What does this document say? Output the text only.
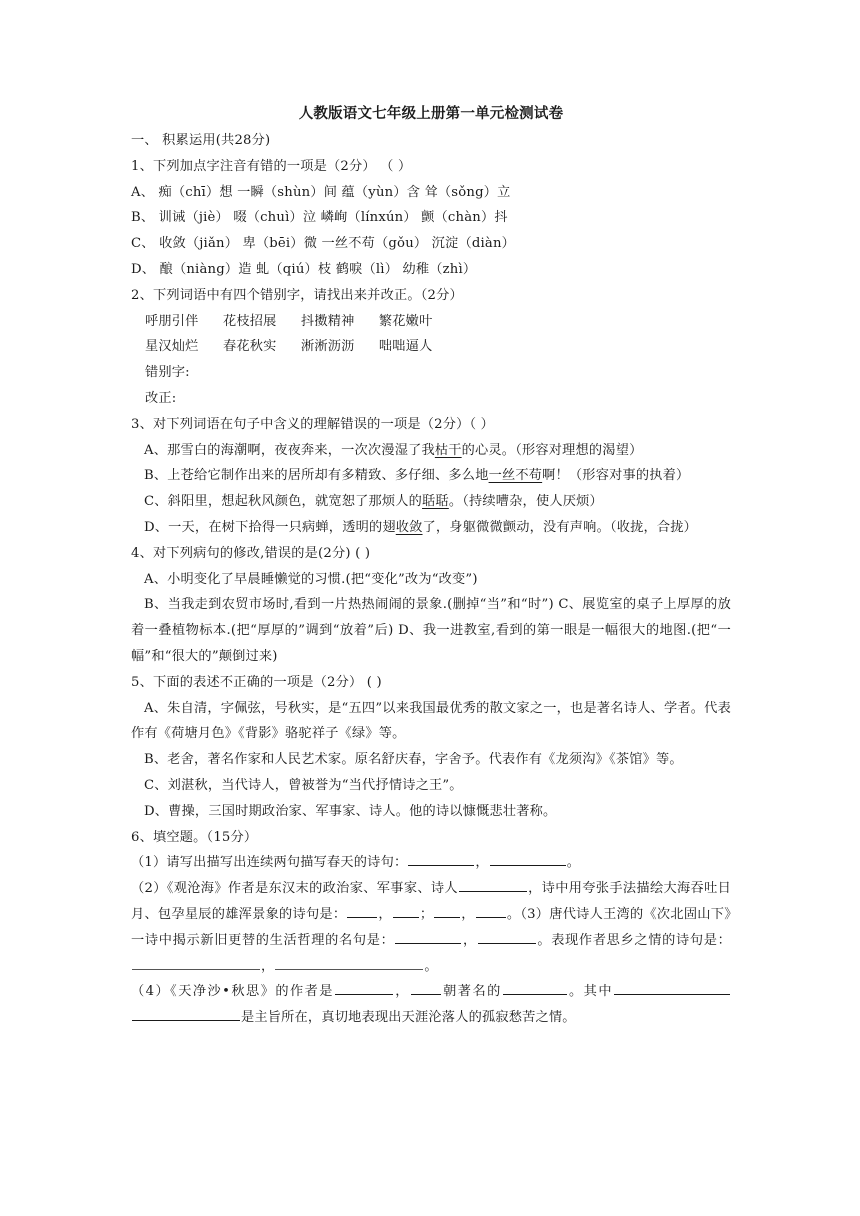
人教版语文七年级上册第一单元检测试卷
一、 积累运用(共28分)
1、下列加点字注音有错的一项是（2分） （ ）
A、 痴（chī）想 一瞬（shùn）间 蕴（yùn）含 耸（sǒng）立
B、 训诫（jiè） 啜（chuì）泣 嶙峋（línxún） 颤（chàn）抖
C、 收敛（jiǎn） 卑（bēi）微 一丝不苟（gǒu） 沉淀（diàn）
D、 酿（niàng）造 虬（qiú）枝 鹤唳（lì） 幼稚（zhì）
2、下列词语中有四个错别字，请找出来并改正。（2分）
呼朋引伴 花枝招展 抖擞精神 繁花嫩叶
星汉灿烂 春花秋实 淅淅沥沥 咄咄逼人
错别字:
改正:
3、对下列词语在句子中含义的理解错误的一项是（2分）（ ）
A、那雪白的海潮啊，夜夜奔来，一次次漫湿了我枯干的心灵。（形容对理想的渴望）
B、上苍给它制作出来的居所却有多精致、多仔细、多么地一丝不苟啊！（形容对事的执着）
C、斜阳里，想起秋风颜色，就宽恕了那烦人的聒聒。（持续嘈杂，使人厌烦）
D、一天，在树下拾得一只病蝉，透明的翅收敛了，身躯微微颤动，没有声响。（收拢，合拢）
4、对下列病句的修改,错误的是(2分) ( )
A、小明变化了早晨睡懒觉的习惯.(把“变化”改为“改变”)
B、当我走到农贸市场时,看到一片热热闹闹的景象.(删掉“当”和“时”) C、展览室的桌子上厚厚的放着一叠植物标本.(把“厚厚的”调到“放着”后) D、我一进教室,看到的第一眼是一幅很大的地图.(把“一幅”和“很大的”颠倒过来)
5、下面的表述不正确的一项是（2分） ( )
A、朱自清，字佩弦，号秋实，是“五四”以来我国最优秀的散文家之一，也是著名诗人、学者。代表作有《荷塘月色》《背影》骆驼祥子《绿》等。
B、老舍，著名作家和人民艺术家。原名舒庆春，字舍予。代表作有《龙须沟》《茶馆》等。
C、刘湛秋，当代诗人，曾被誉为“当代抒情诗之王”。
D、曹操，三国时期政治家、军事家、诗人。他的诗以慷慨悲壮著称。
6、填空题。（15分）
（1）请写出描写出连续两句描写春天的诗句：	，	。
（2）《观沧海》作者是东汉末的政治家、军事家、诗人	，诗中用夸张手法描绘大海吞吐日月、包孕星辰的雄浑景象的诗句是： ， ； ， 。（3）唐代诗人王湾的《次北固山下》一诗中揭示新旧更替的生活哲理的名句是：	，	。表现作者思乡之情的诗句是：，	。
（4）《天净沙•秋思》的作者是	， 朝著名的	。其中是主旨所在，真切地表现出天涯沦落人的孤寂愁苦之情。
